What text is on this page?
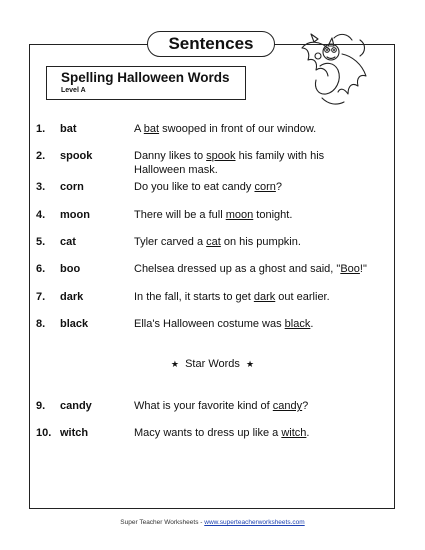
Sentences
Spelling Halloween Words
Level A
1. bat	A bat swooped in front of our window.
2. spook	Danny likes to spook his family with his Halloween mask.
3. corn	Do you like to eat candy corn?
4. moon	There will be a full moon tonight.
5. cat	Tyler carved a cat on his pumpkin.
6. boo	Chelsea dressed up as a ghost and said, "Boo!"
7. dark	In the fall, it starts to get dark out earlier.
8. black	Ella's Halloween costume was black.
★ Star Words ★
9. candy	What is your favorite kind of candy?
10. witch	Macy wants to dress up like a witch.
Super Teacher Worksheets - www.superteacherworksheets.com
